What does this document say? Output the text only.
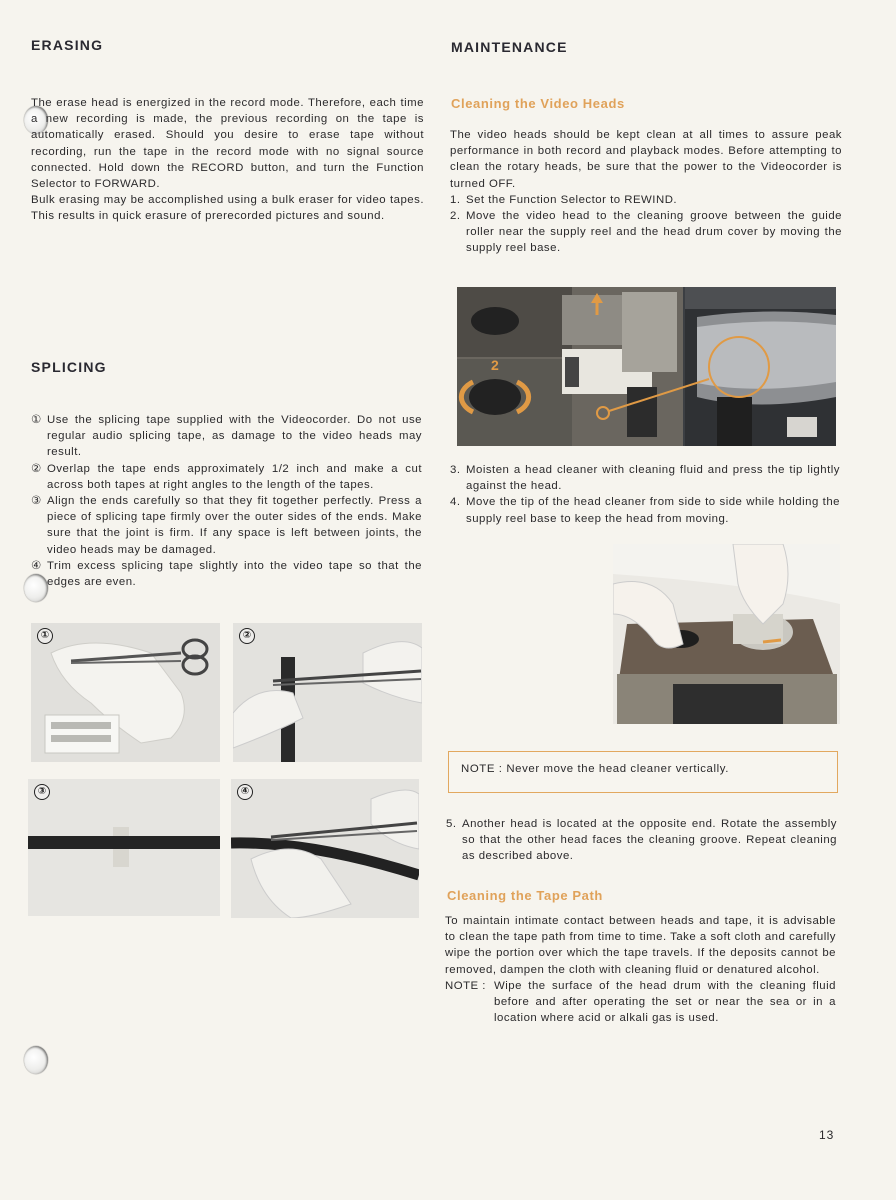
ERASING

The erase head is energized in the record mode. Therefore, each time a new recording is made, the previous recording on the tape is automatically erased. Should you desire to erase tape without recording, run the tape in the record mode with no signal source connected. Hold down the RECORD button, and turn the Function Selector to FORWARD.

Bulk erasing may be accomplished using a bulk eraser for video tapes. This results in quick erasure of prerecorded pictures and sound.

SPLICING
① Use the splicing tape supplied with the Videocorder. Do not use regular audio splicing tape, as damage to the video heads may result.
② Overlap the tape ends approximately 1/2 inch and make a cut across both tapes at right angles to the length of the tapes.
③ Align the ends carefully so that they fit together perfectly. Press a piece of splicing tape firmly over the outer sides of the ends. Make sure that the joint is firm. If any space is left between joints, the video heads may be damaged.
④ Trim excess splicing tape slightly into the video tape so that the edges are even.
①	②
③	④
MAINTENANCE
Cleaning the Video Heads

The video heads should be kept clean at all times to assure peak performance in both record and playback modes. Before attempting to clean the rotary heads, be sure that the power to the Videocorder is turned OFF.

1. Set the Function Selector to REWIND.
2. Move the video head to the cleaning groove between the guide roller near the supply reel and the head drum cover by moving the supply reel base.
2
3. Moisten a head cleaner with cleaning fluid and press the tip lightly against the head.
4. Move the tip of the head cleaner from side to side while holding the supply reel base to keep the head from moving.
NOTE : Never move the head cleaner vertically.
5. Another head is located at the opposite end. Rotate the assembly so that the other head faces the cleaning groove. Repeat cleaning as described above.
Cleaning the Tape Path

To maintain intimate contact between heads and tape, it is advisable to clean the tape path from time to time. Take a soft cloth and carefully wipe the portion over which the tape travels. If the deposits cannot be removed, dampen the cloth with cleaning fluid or denatured alcohol.

NOTE : Wipe the surface of the head drum with the cleaning fluid before and after operating the set or near the sea or in a location where acid or alkali gas is used.
13
